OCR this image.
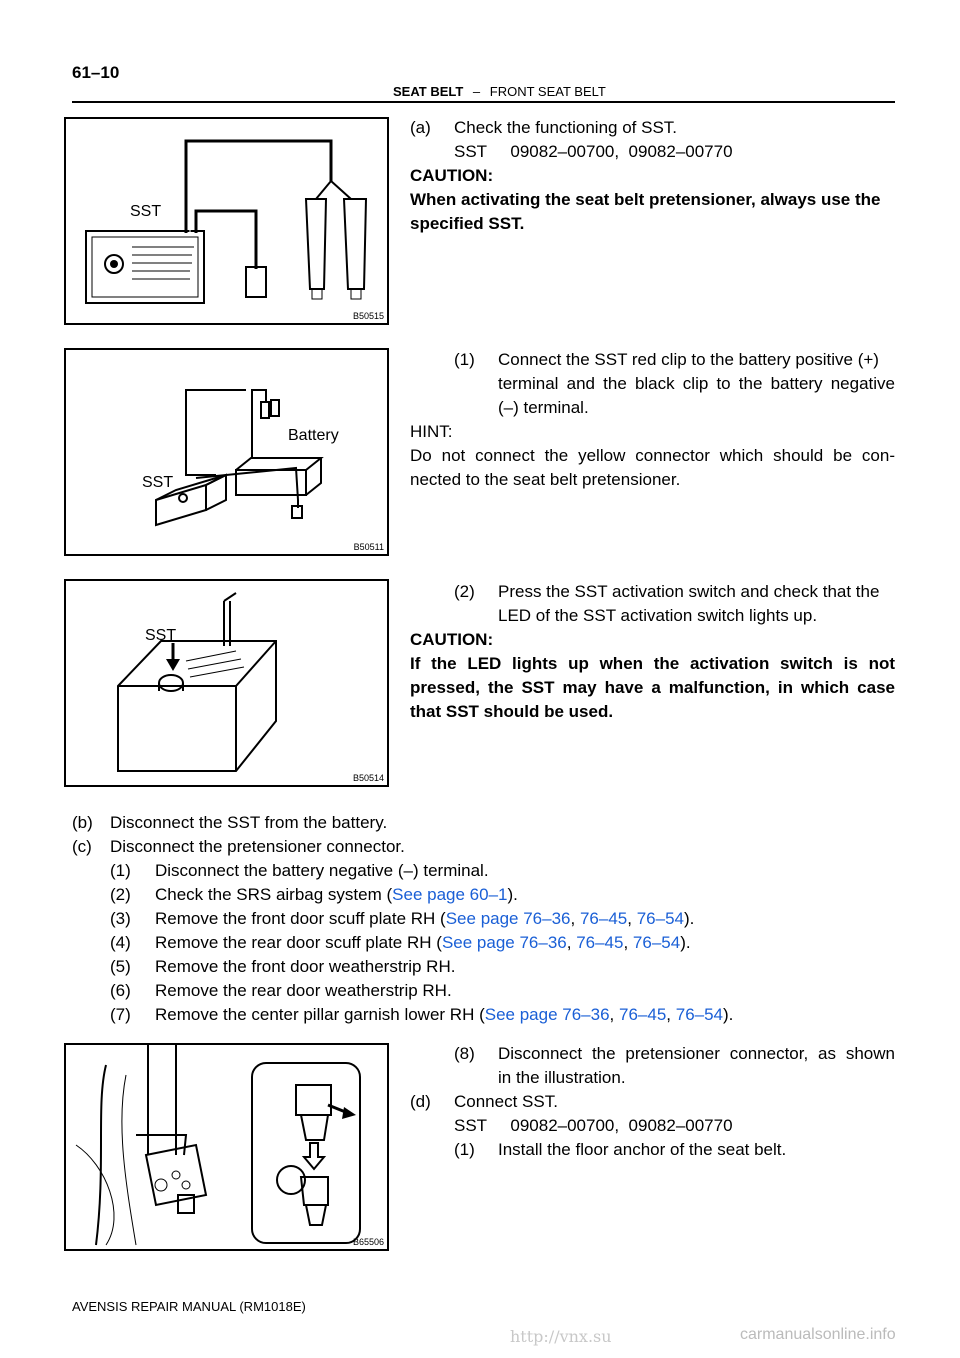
61–10
SEAT BELT – FRONT SEAT BELT
SST
B50515
Battery
SST
B50511
SST
B50514
B65506
(a) Check the functioning of SST.
SST     09082–00700,  09082–00770
CAUTION:
When activating the seat belt pretensioner, always use the
specified SST.
(1) Connect the SST red clip to the battery positive (+)
terminal and the black clip to the battery negative
(–) terminal.
HINT:
Do not connect the yellow connector which should be con-
nected to the seat belt pretensioner.
(2) Press the SST activation switch and check that the
LED of the SST activation switch lights up.
CAUTION:
If the LED lights up when the activation switch is not
pressed, the SST may have a malfunction, in which case
that SST should be used.
(b) Disconnect the SST from the battery.
(c) Disconnect the pretensioner connector.
(1) Disconnect the battery negative (–) terminal.
(2) Check the SRS airbag system (See page 60–1).
(3) Remove the front door scuff plate RH (See page 76–36, 76–45, 76–54).
(4) Remove the rear door scuff plate RH (See page 76–36, 76–45, 76–54).
(5) Remove the front door weatherstrip RH.
(6) Remove the rear door weatherstrip RH.
(7) Remove the center pillar garnish lower RH (See page 76–36, 76–45, 76–54).
(8) Disconnect the pretensioner connector, as shown
in the illustration.
(d) Connect SST.
SST     09082–00700,  09082–00770
(1) Install the floor anchor of the seat belt.
AVENSIS REPAIR MANUAL (RM1018E)
http://vnx.su	carmanualsonline.info
